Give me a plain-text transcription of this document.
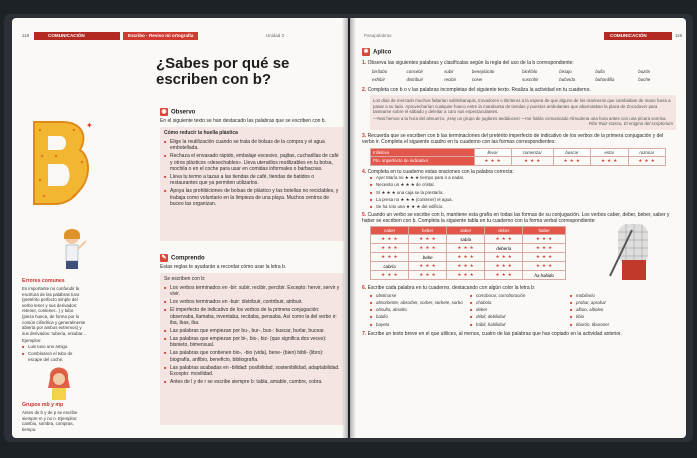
118	COMUNICACIÓN	Escribo · Reviso mi ortografía	Unidad 3
¿Sabes por qué se escriben con b?
✦
Errores comunes
Es importante no confundir la escritura de las palabras tuvo (pretérito perfecto simple del verbo tener y sus derivados: retener, contener...) y tubo (pieza hueca, de forma por lo común cilíndrica y generalmente abierta por ambos extremos) y sus derivados: tubería, entubar...
Ejemplos:
■ Luis tuvo uno amigo.
■ Combinaron el tubo de escape del coche.
Grupos mb y mp
Antes de b y de p se escribe siempre m y no n. Ejemplos: cambio, sombra, compras, tiempo.
◉ Observo
En el siguiente texto se han destacado las palabras que se escriben con b.
Cómo reducir la huella plástica
■ Elige la reutilización cuando se trata de bolsas de la compra y el agua embotellada.
■ Rechaza el envasado rápido, embalaje excesivo, pajitas, cucharillas de café y otros plásticos «desechables». Lleva utensilios reutilizables en tu bolsa, mochila o en el coche para usar en comidas informales o barbacoas.
■ Lleva tu termo a tazas a las tiendas de café, tiendas de batidos o restaurantes que ya permiten utilizarlos.
■ Apoya las prohibiciones de bolsas de plástico y las botellas no reciclables, y trabaja como voluntario en la limpieza de una playa. Muchos centros de buceo las organizan.
✎ Comprendo
Estas reglas te ayudarán a recordar cómo usar la letra b.
Se escriben con b:
■ Los verbos terminados en -bir: subir, recibir, percibir. Excepto: hervir, servir y vivir.
■ Los verbos terminados en -buir: distribuir, contribuir, atribuir.
■ El imperfecto de indicativo de los verbos de la primera conjugación: observaba, llamaba, inventaba, recitaba, pensaba. Así como la del verbo ir: iba, ibas, iba.
■ Las palabras que empiezan por bu-, bur-, bus-: buscar, burlar, bucear.
■ Las palabras que empiezan por bi-, bis-, biz- (que significa dos veces): bisnieto, bimensual.
■ Las palabras que contienen bio-, -bio (vida), bene- (bien) bibli- (libro): biografía, anfibio, beneficio, bibliografía.
■ Las palabras acabadas en -bilidad: posibilidad, sostenibilidad, adaptabilidad. Excepto: movilidad.
■ Antes de l y de r se escribe siempre b: tabla, amable, cumbre, cobra.
Pasapalabras	COMUNICACIÓN	119
✱ Aplico
1. Observa las siguientes palabras y clasifícalas según la regla del uso de la b correspondiente:
bisílabo	concebir	subir	beneplácito	bicéfalo	bisiajo	bulla	buzón
exhibir	distribuir	recibir	coser	suscribir	bufanda	buhardilla	buche
2. Completa con b o v las palabras incompletas del siguiente texto. Realiza la actividad en tu cuaderno.
Los días de mercado muchos faltarían saltimbanquis, trovadores o titiriteros a la espera de que alguno de los marineros que cambiaban de mano fuera a pasar a su lado. Aprovecharían cualquier hueco entre la marabunta de tiendas y puestos ambulantes que abarrotaban la plaza de Zocodover para tantearse sobre el sábado y deleitar a caro sus espectaculantes.
—Nos hemos a la hora del almuerzo, ¡Hay un grupo de juglares andaluces! —me había comunicado Almudena una hora antes con una pícara sonrisa.
Pilar Ruiz Gasco, El enigma del scriptorium
3. Recuerda que se escriben con b las terminaciones del pretérito imperfecto de indicativo de los verbos de la primera conjugación y del verbo ir. Completa el siguiente cuadro en tu cuaderno con las formas correspondientes:
Infinitivo	llevar	comenzar	buscar	estar	rozonar
Pto. imperfecto de indicativo	★ ★ ★	★ ★ ★	★ ★ ★	★ ★ ★	★ ★ ★
4. Completa en tu cuaderno estas oraciones con la palabra correcta:
■ Ayer María no ★ ★ ★ tiempo para ir a nadar.
■ Necesito un ★ ★ ★ de cristal.
■ Sí ★ ★ ★ una caja se la prestaría.
■ La presa no ★ ★ ★ (contener) el agua.
■ Se ha roto una ★ ★ ★ del edificio.
5. Cuando un verbo se escribe con b, mantiene esta grafía en todas las formas de su conjugación. Los verbos caber, deber, beber, saber y haber se escriben con b. Completa la siguiente tabla en tu cuaderno con la forma verbal correspondiente:
caber	beber	saber	deber	haber
★ ★ ★	★ ★ ★	sabía	★ ★ ★	★ ★ ★
★ ★ ★	★ ★ ★	★ ★ ★	debería	★ ★ ★
★ ★ ★	bebe	★ ★ ★	★ ★ ★	★ ★ ★
cabría	★ ★ ★	★ ★ ★	★ ★ ★	★ ★ ★
★ ★ ★	★ ★ ★	★ ★ ★	★ ★ ★	ha habido
6. Escribe cada palabra en tu cuaderno, destacando con algún color la letra b:
■ obstinarse
■ absorbente, absorber, sorber, sorbete, sorbo
■ obsulta, absolto
■ baldío
■ bayeta
■ corroborar, corroboración
■ chabola
■ deber
■ débil, debilidad
■ hábil, habilidad
■ mobiliario
■ probar, aprobar
■ alboo, alboleo
■ tibio
■ tiburón, tiburoner
7. Escribe un texto breve en el que utilices, al menos, cuatro de las palabras que has copiado en la actividad anterior.
